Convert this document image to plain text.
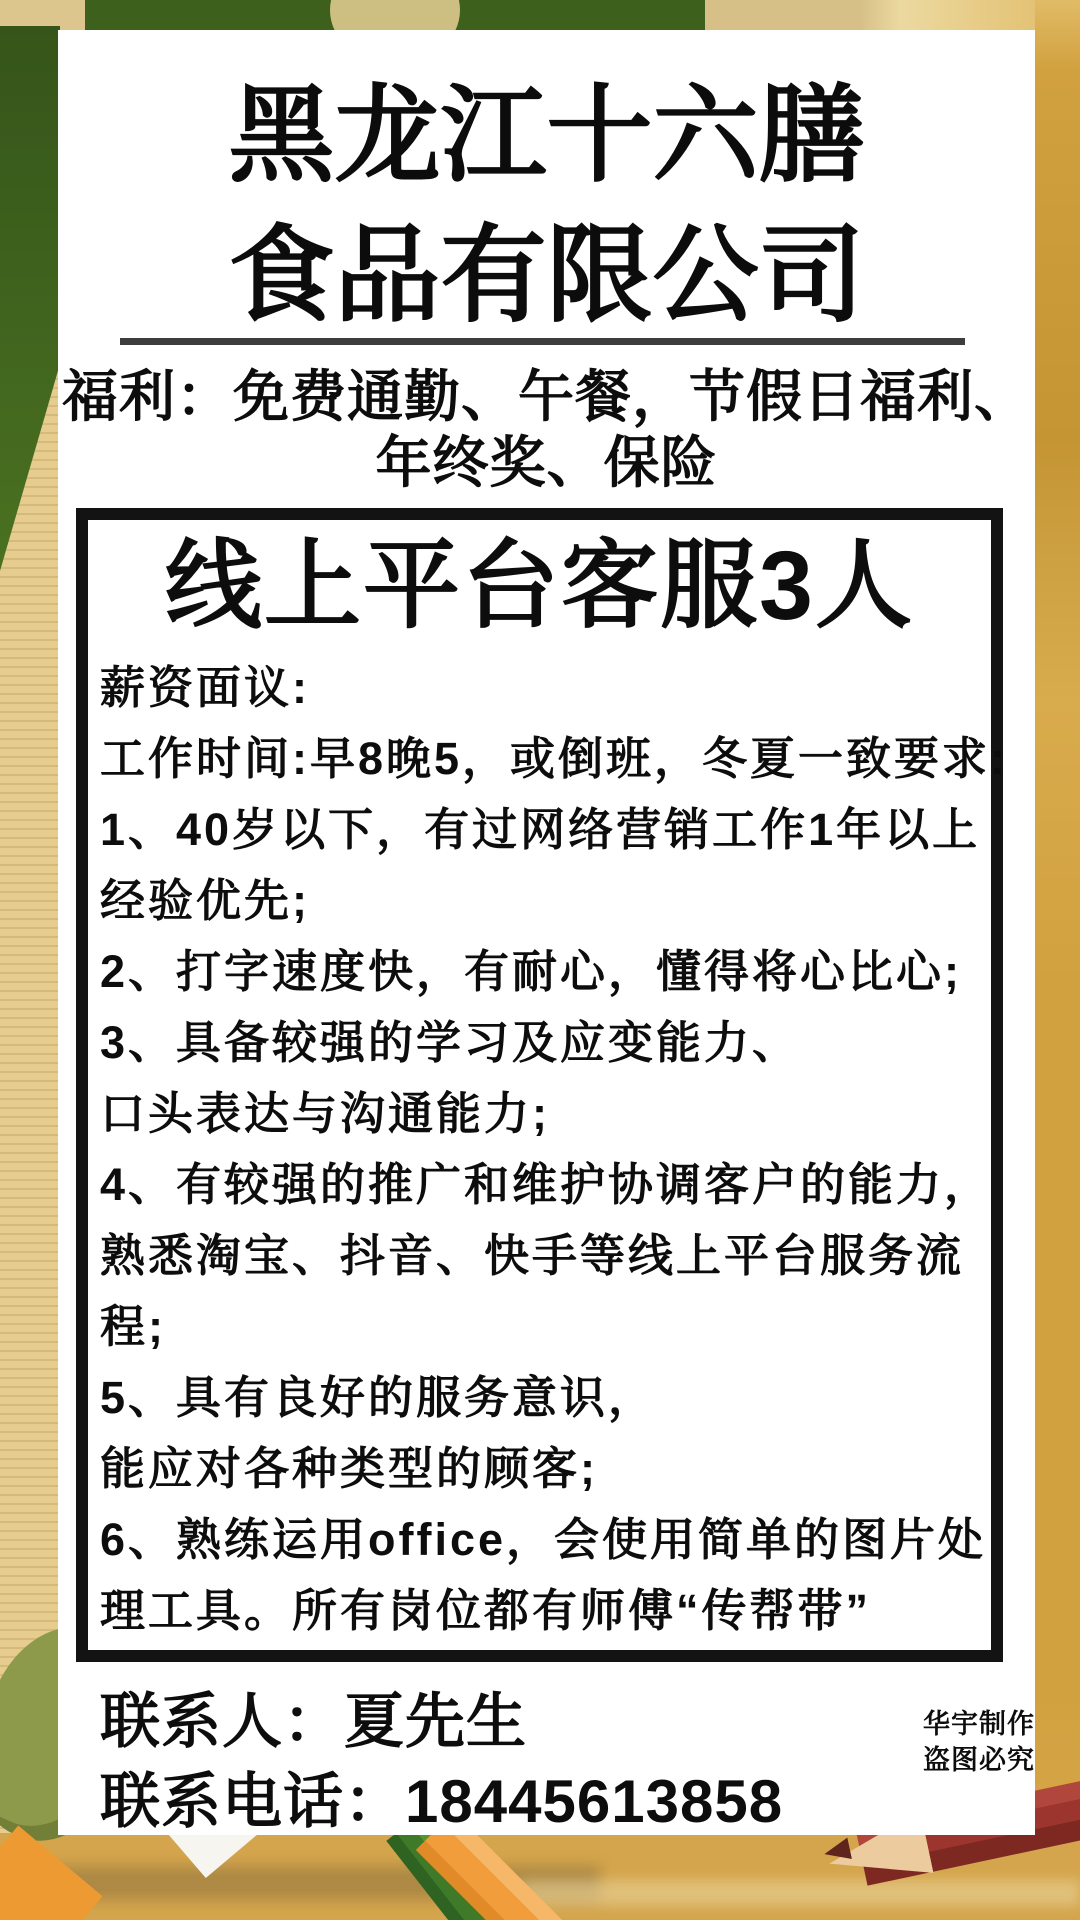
黑龙江十六膳
食品有限公司
福利：免费通勤、午餐，节假日福利、
年终奖、保险
线上平台客服3人
薪资面议:
工作时间:早8晚5，或倒班，冬夏一致要求:
1、40岁以下，有过网络营销工作1年以上
经验优先;
2、打字速度快，有耐心，懂得将心比心;
3、具备较强的学习及应变能力、
口头表达与沟通能力;
4、有较强的推广和维护协调客户的能力，
熟悉淘宝、抖音、快手等线上平台服务流
程;
5、具有良好的服务意识，
能应对各种类型的顾客;
6、熟练运用office，会使用简单的图片处
理工具。所有岗位都有师傅“传帮带”
联系人：夏先生
联系电话：18445613858
华宇制作
盗图必究
